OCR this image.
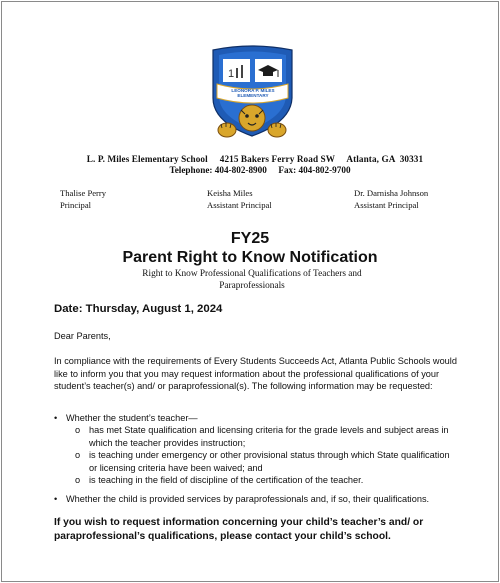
1
LEONORA P. MILES ELEMENTARY
L. P. Miles Elementary School     4215 Bakers Ferry Road SW     Atlanta, GA  30331
Telephone: 404-802-8900     Fax: 404-802-9700
Thalise Perry
Principal
Keisha Miles
Assistant Principal
Dr. Darnisha Johnson
Assistant Principal
FY25
Parent Right to Know Notification
Right to Know Professional Qualifications of Teachers and Paraprofessionals
Date: Thursday, August 1, 2024
Dear Parents,
In compliance with the requirements of Every Students Succeeds Act, Atlanta Public Schools would like to inform you that you may request information about the professional qualifications of your student’s teacher(s) and/ or paraprofessional(s). The following information may be requested:
• Whether the student’s teacher—
o has met State qualification and licensing criteria for the grade levels and subject areas in which the teacher provides instruction;
o is teaching under emergency or other provisional status through which State qualification or licensing criteria have been waived; and
o is teaching in the field of discipline of the certification of the teacher.
• Whether the child is provided services by paraprofessionals and, if so, their qualifications.
If you wish to request information concerning your child’s teacher’s and/ or paraprofessional’s qualifications, please contact your child’s school.
